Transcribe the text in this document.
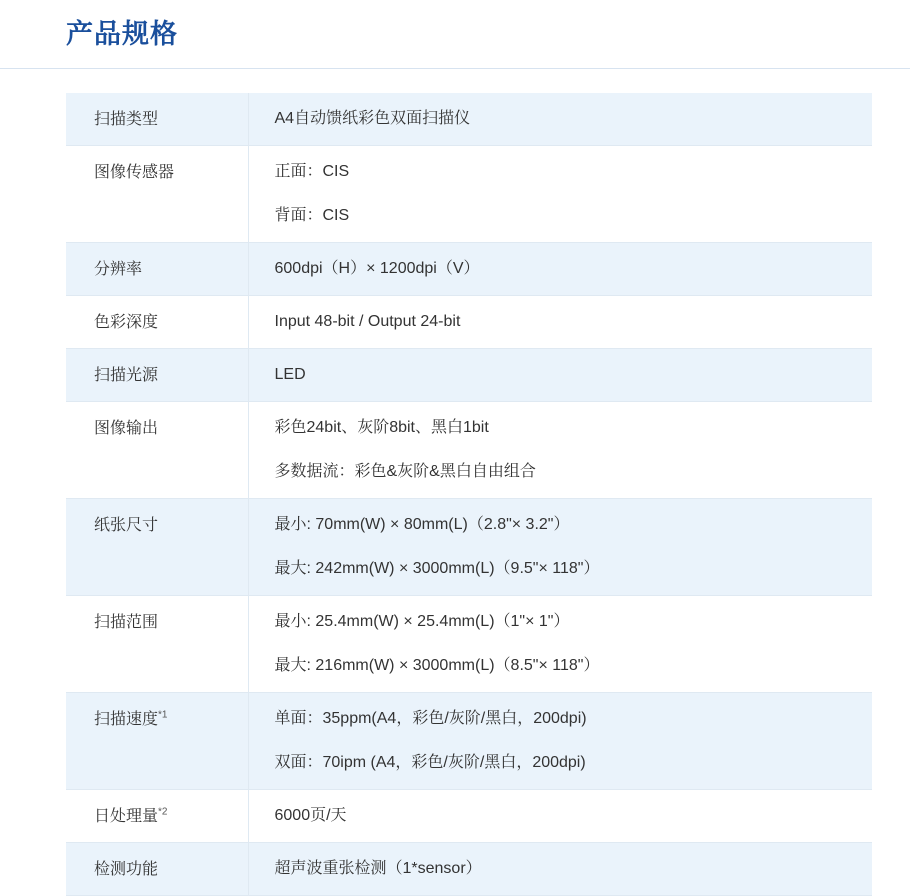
产品规格
扫描类型	A4自动馈纸彩色双面扫描仪

图像传感器	正面：CIS
背面：CIS

分辨率	600dpi（H）× 1200dpi（V）

色彩深度	Input 48-bit / Output 24-bit

扫描光源	LED

图像输出	彩色24bit、灰阶8bit、黑白1bit
多数据流：彩色&灰阶&黑白自由组合

纸张尺寸	最小: 70mm(W) × 80mm(L)（2.8"× 3.2"）
最大: 242mm(W) × 3000mm(L)（9.5"× 118"）

扫描范围	最小: 25.4mm(W) × 25.4mm(L)（1"× 1"）
最大: 216mm(W) × 3000mm(L)（8.5"× 118"）

扫描速度$^{*1}$	单面：35ppm(A4，彩色/灰阶/黑白，200dpi)
双面：70ipm (A4，彩色/灰阶/黑白，200dpi)

日处理量$^{*2}$	6000页/天

检测功能	超声波重张检测（1*sensor）
